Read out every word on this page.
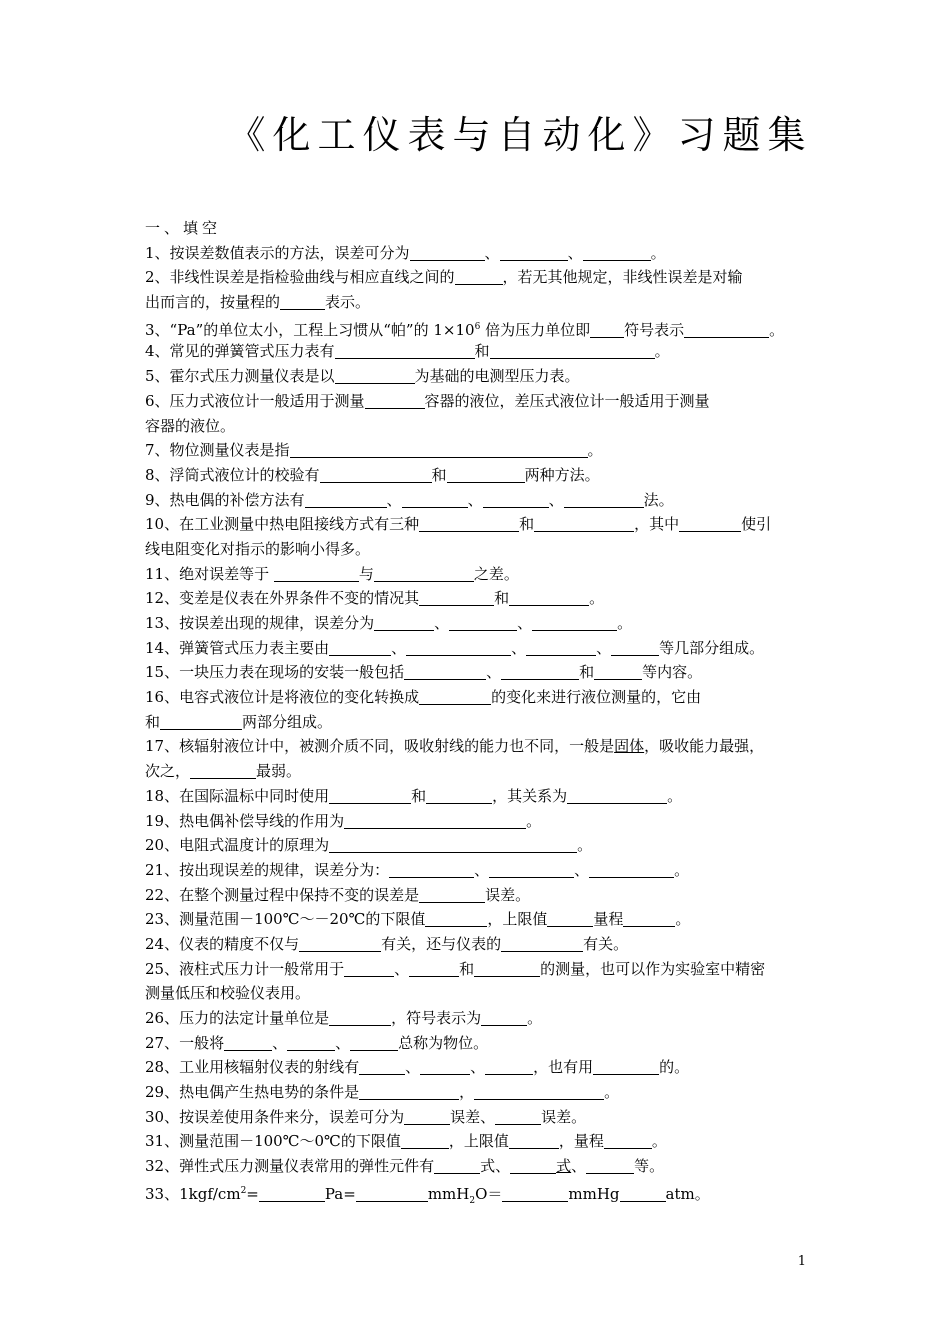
《化工仪表与自动化》习题集
一、填空
1、按误差数值表示的方法，误差可分为	、	、	。
2、非线性误差是指检验曲线与相应直线之间的	，若无其他规定，非线性误差是对输
出而言的，按量程的	表示。
3、“Pa”的单位太小，工程上习惯从“帕”的 $1\times 10^6$ 倍为压力单位即 符号表示	。
4、常见的弹簧管式压力表有	和	。
5、霍尔式压力测量仪表是以	为基础的电测型压力表。
6、压力式液位计一般适用于测量	容器的液位，差压式液位计一般适用于测量
容器的液位。
7、物位测量仪表是指	。
8、浮筒式液位计的校验有	和	两种方法。
9、热电偶的补偿方法有	、	、	、	法。
10、在工业测量中热电阻接线方式有三种	和	，其中	使引
线电阻变化对指示的影响小得多。
11、绝对误差等于	与	之差。
12、变差是仪表在外界条件不变的情况其	和	。
13、按误差出现的规律，误差分为	、	、	。
14、弹簧管式压力表主要由	、	、	、	等几部分组成。
15、一块压力表在现场的安装一般包括	、	和	等内容。
16、电容式液位计是将液位的变化转换成	的变化来进行液位测量的，它由
和	两部分组成。
17、核辐射液位计中，被测介质不同，吸收射线的能力也不同，一般是固体，吸收能力最强，
次之，	最弱。
18、在国际温标中同时使用	和	，其关系为	。
19、热电偶补偿导线的作用为	。
20、电阻式温度计的原理为	。
21、按出现误差的规律，误差分为：	、	、	。
22、在整个测量过程中保持不变的误差是	误差。
23、测量范围－100℃～－20℃的下限值	，上限值	量程	。
24、仪表的精度不仅与	有关，还与仪表的	有关。
25、液柱式压力计一般常用于	、	和	的测量，也可以作为实验室中精密
测量低压和校验仪表用。
26、压力的法定计量单位是	，符号表示为	。
27、一般将	、	、	总称为物位。
28、工业用核辐射仪表的射线有	、	、	，也有用	的。
29、热电偶产生热电势的条件是	，	。
30、按误差使用条件来分，误差可分为	误差、	误差。
31、测量范围－100℃～0℃的下限值	，上限值	，量程	。
32、弹性式压力测量仪表常用的弹性元件有	式、	式、	等。
33、$1kgf/cm^2=$	Pa=	mmH$_2$O＝	mmHg	atm。
1
